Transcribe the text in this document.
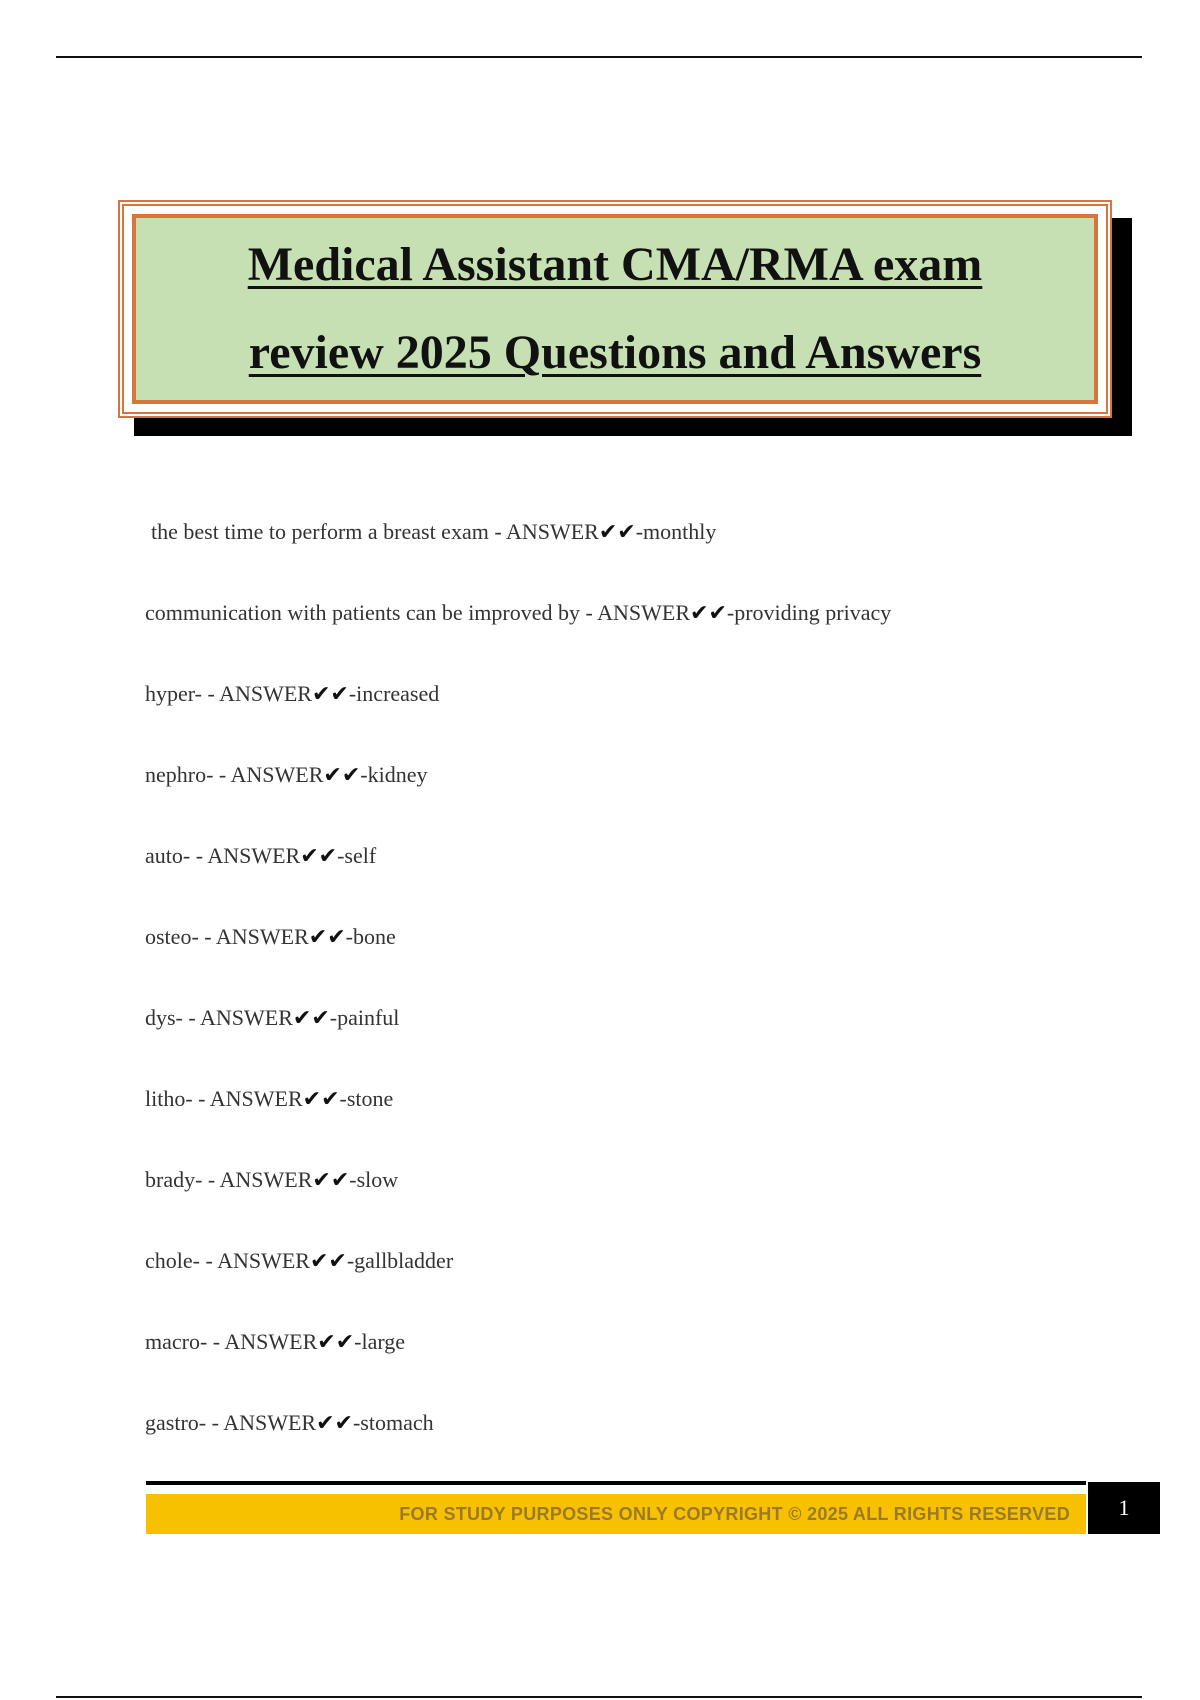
Medical Assistant CMA/RMA exam
review 2025 Questions and Answers
the best time to perform a breast exam - ANSWER✔✔-monthly
communication with patients can be improved by - ANSWER✔✔-providing privacy
hyper- - ANSWER✔✔-increased
nephro- - ANSWER✔✔-kidney
auto- - ANSWER✔✔-self
osteo- - ANSWER✔✔-bone
dys- - ANSWER✔✔-painful
litho- - ANSWER✔✔-stone
brady- - ANSWER✔✔-slow
chole- - ANSWER✔✔-gallbladder
macro- - ANSWER✔✔-large
gastro- - ANSWER✔✔-stomach
FOR STUDY PURPOSES ONLY COPYRIGHT © 2025 ALL RIGHTS RESERVED	1
